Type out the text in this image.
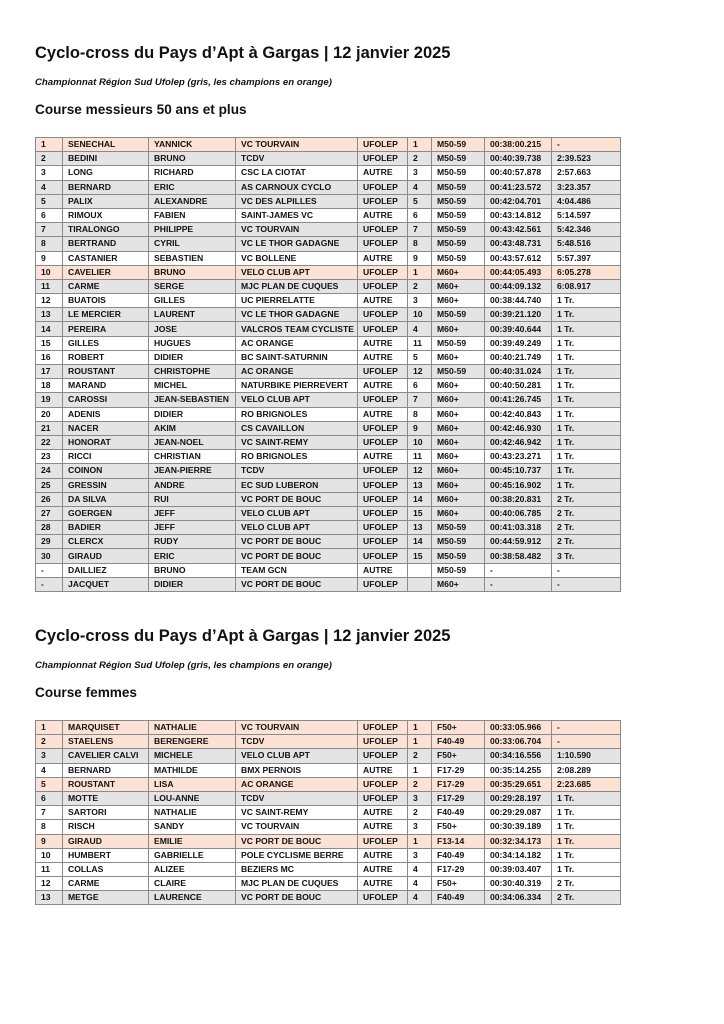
Cyclo-cross du Pays d’Apt à Gargas | 12 janvier 2025

Championnat Région Sud Ufolep (gris, les champions en orange)

Course messieurs 50 ans et plus
1	SENECHAL	YANNICK	VC TOURVAIN	UFOLEP	1	M50-59	00:38:00.215	-
2	BEDINI	BRUNO	TCDV	UFOLEP	2	M50-59	00:40:39.738	2:39.523
3	LONG	RICHARD	CSC LA CIOTAT	AUTRE	3	M50-59	00:40:57.878	2:57.663
4	BERNARD	ERIC	AS CARNOUX CYCLO	UFOLEP	4	M50-59	00:41:23.572	3:23.357
5	PALIX	ALEXANDRE	VC DES ALPILLES	UFOLEP	5	M50-59	00:42:04.701	4:04.486
6	RIMOUX	FABIEN	SAINT-JAMES VC	AUTRE	6	M50-59	00:43:14.812	5:14.597
7	TIRALONGO	PHILIPPE	VC TOURVAIN	UFOLEP	7	M50-59	00:43:42.561	5:42.346
8	BERTRAND	CYRIL	VC LE THOR GADAGNE	UFOLEP	8	M50-59	00:43:48.731	5:48.516
9	CASTANIER	SEBASTIEN	VC BOLLENE	AUTRE	9	M50-59	00:43:57.612	5:57.397
10	CAVELIER	BRUNO	VELO CLUB APT	UFOLEP	1	M60+	00:44:05.493	6:05.278
11	CARME	SERGE	MJC PLAN DE CUQUES	UFOLEP	2	M60+	00:44:09.132	6:08.917
12	BUATOIS	GILLES	UC PIERRELATTE	AUTRE	3	M60+	00:38:44.740	1 Tr.
13	LE MERCIER	LAURENT	VC LE THOR GADAGNE	UFOLEP	10	M50-59	00:39:21.120	1 Tr.
14	PEREIRA	JOSE	VALCROS TEAM CYCLISTE	UFOLEP	4	M60+	00:39:40.644	1 Tr.
15	GILLES	HUGUES	AC ORANGE	AUTRE	11	M50-59	00:39:49.249	1 Tr.
16	ROBERT	DIDIER	BC SAINT-SATURNIN	AUTRE	5	M60+	00:40:21.749	1 Tr.
17	ROUSTANT	CHRISTOPHE	AC ORANGE	UFOLEP	12	M50-59	00:40:31.024	1 Tr.
18	MARAND	MICHEL	NATURBIKE PIERREVERT	AUTRE	6	M60+	00:40:50.281	1 Tr.
19	CAROSSI	JEAN-SEBASTIEN	VELO CLUB APT	UFOLEP	7	M60+	00:41:26.745	1 Tr.
20	ADENIS	DIDIER	RO BRIGNOLES	AUTRE	8	M60+	00:42:40.843	1 Tr.
21	NACER	AKIM	CS CAVAILLON	UFOLEP	9	M60+	00:42:46.930	1 Tr.
22	HONORAT	JEAN-NOEL	VC SAINT-REMY	UFOLEP	10	M60+	00:42:46.942	1 Tr.
23	RICCI	CHRISTIAN	RO BRIGNOLES	AUTRE	11	M60+	00:43:23.271	1 Tr.
24	COINON	JEAN-PIERRE	TCDV	UFOLEP	12	M60+	00:45:10.737	1 Tr.
25	GRESSIN	ANDRE	EC SUD LUBERON	UFOLEP	13	M60+	00:45:16.902	1 Tr.
26	DA SILVA	RUI	VC PORT DE BOUC	UFOLEP	14	M60+	00:38:20.831	2 Tr.
27	GOERGEN	JEFF	VELO CLUB APT	UFOLEP	15	M60+	00:40:06.785	2 Tr.
28	BADIER	JEFF	VELO CLUB APT	UFOLEP	13	M50-59	00:41:03.318	2 Tr.
29	CLERCX	RUDY	VC PORT DE BOUC	UFOLEP	14	M50-59	00:44:59.912	2 Tr.
30	GIRAUD	ERIC	VC PORT DE BOUC	UFOLEP	15	M50-59	00:38:58.482	3 Tr.
-	DAILLIEZ	BRUNO	TEAM GCN	AUTRE		M50-59	-	-
-	JACQUET	DIDIER	VC PORT DE BOUC	UFOLEP		M60+	-	-
Cyclo-cross du Pays d’Apt à Gargas | 12 janvier 2025

Championnat Région Sud Ufolep (gris, les champions en orange)

Course femmes
1	MARQUISET	NATHALIE	VC TOURVAIN	UFOLEP	1	F50+	00:33:05.966	-
2	STAELENS	BERENGERE	TCDV	UFOLEP	1	F40-49	00:33:06.704	-
3	CAVELIER CALVI	MICHELE	VELO CLUB APT	UFOLEP	2	F50+	00:34:16.556	1:10.590
4	BERNARD	MATHILDE	BMX PERNOIS	AUTRE	1	F17-29	00:35:14.255	2:08.289
5	ROUSTANT	LISA	AC ORANGE	UFOLEP	2	F17-29	00:35:29.651	2:23.685
6	MOTTE	LOU-ANNE	TCDV	UFOLEP	3	F17-29	00:29:28.197	1 Tr.
7	SARTORI	NATHALIE	VC SAINT-REMY	AUTRE	2	F40-49	00:29:29.087	1 Tr.
8	RISCH	SANDY	VC TOURVAIN	AUTRE	3	F50+	00:30:39.189	1 Tr.
9	GIRAUD	EMILIE	VC PORT DE BOUC	UFOLEP	1	F13-14	00:32:34.173	1 Tr.
10	HUMBERT	GABRIELLE	POLE CYCLISME BERRE	AUTRE	3	F40-49	00:34:14.182	1 Tr.
11	COLLAS	ALIZEE	BEZIERS MC	AUTRE	4	F17-29	00:39:03.407	1 Tr.
12	CARME	CLAIRE	MJC PLAN DE CUQUES	AUTRE	4	F50+	00:30:40.319	2 Tr.
13	METGE	LAURENCE	VC PORT DE BOUC	UFOLEP	4	F40-49	00:34:06.334	2 Tr.
